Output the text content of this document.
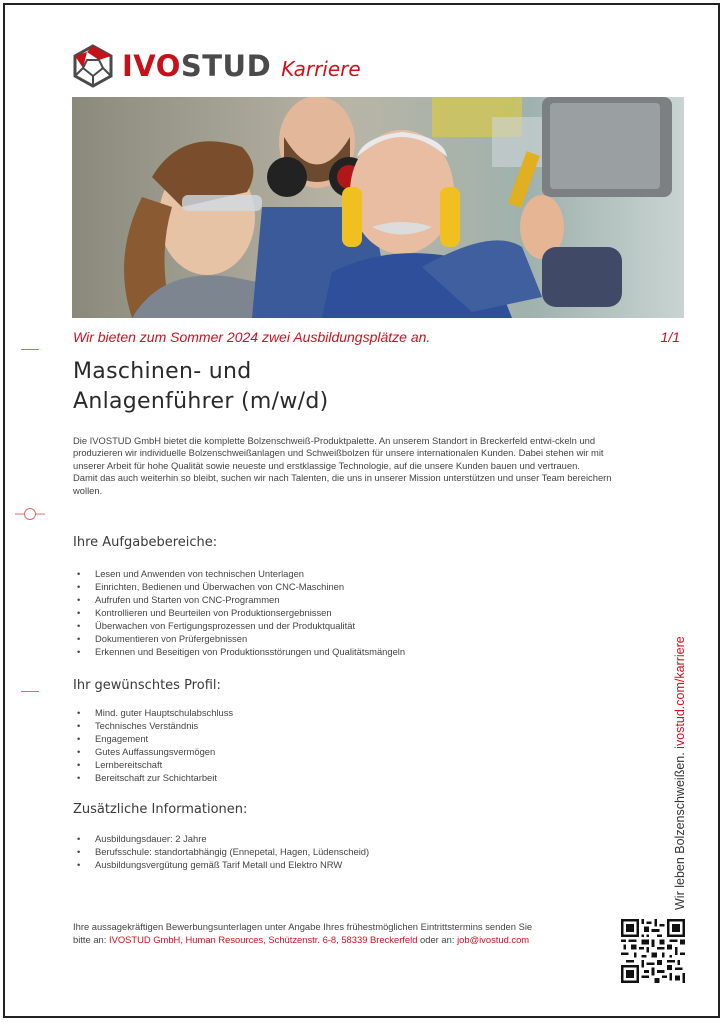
IVOSTUD Karriere
Wir bieten zum Sommer 2024 zwei Ausbildungsplätze an.	1/1
Maschinen- und
Anlagenführer (m/w/d)

Die IVOSTUD GmbH bietet die komplette Bolzenschweiß-Produktpalette. An unserem Standort in Breckerfeld entwi-ckeln und produzieren wir individuelle Bolzenschweißanlagen und Schweißbolzen für unsere internationalen Kunden. Dabei stehen wir mit unserer Arbeit für hohe Qualität sowie neueste und erstklassige Technologie, auf die unsere Kunden bauen und vertrauen.

Damit das auch weiterhin so bleibt, suchen wir nach Talenten, die uns in unserer Mission unterstützen und unser Team bereichern wollen.

Ihre Aufgabebereiche:
• Lesen und Anwenden von technischen Unterlagen
• Einrichten, Bedienen und Überwachen von CNC-Maschinen
• Aufrufen und Starten von CNC-Programmen
• Kontrollieren und Beurteilen von Produktionsergebnissen
• Überwachen von Fertigungsprozessen und der Produktqualität
• Dokumentieren von Prüfergebnissen
• Erkennen und Beseitigen von Produktionsstörungen und Qualitätsmängeln
Ihr gewünschtes Profil:
• Mind. guter Hauptschulabschluss
• Technisches Verständnis
• Engagement
• Gutes Auffassungsvermögen
• Lernbereitschaft
• Bereitschaft zur Schichtarbeit
Zusätzliche Informationen:
• Ausbildungsdauer: 2 Jahre
• Berufsschule: standortabhängig (Ennepetal, Hagen, Lüdenscheid)
• Ausbildungsvergütung gemäß Tarif Metall und Elektro NRW
Ihre aussagekräftigen Bewerbungsunterlagen unter Angabe Ihres frühestmöglichen Eintrittstermins senden Sie
bitte an: IVOSTUD GmbH, Human Resources, Schützenstr. 6-8, 58339 Breckerfeld oder an: job@ivostud.com
Wir leben Bolzenschweißen. ivostud.com/karriere
